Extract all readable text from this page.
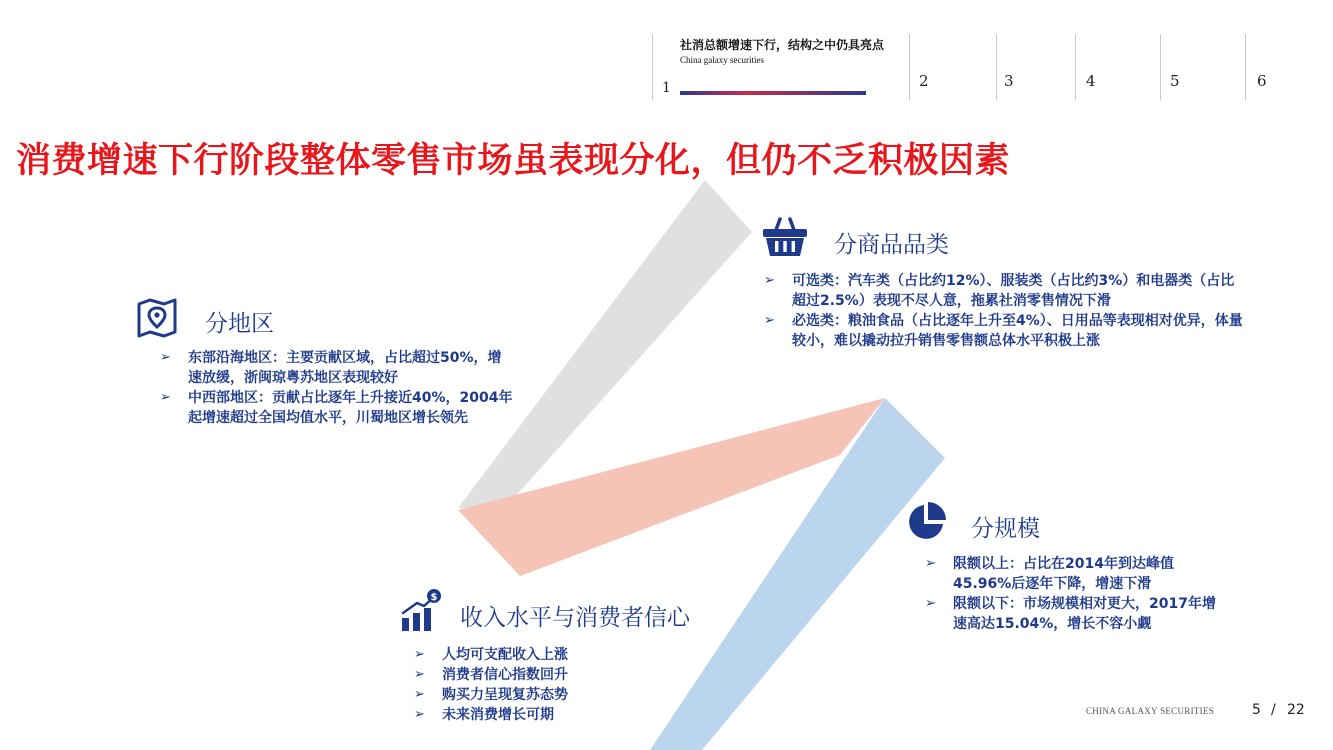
1
社消总额增速下行，结构之中仍具亮点
China galaxy securities
2	3	4	5	6
消费增速下行阶段整体零售市场虽表现分化，但仍不乏积极因素
分地区
➢	东部沿海地区：主要贡献区域，占比超过50%，增速放缓，浙闽琼粤苏地区表现较好
➢	中西部地区：贡献占比逐年上升接近40%，2004年起增速超过全国均值水平，川蜀地区增长领先
分商品品类
➢	可选类：汽车类（占比约12%）、服装类（占比约3%）和电器类（占比超过2.5%）表现不尽人意，拖累社消零售情况下滑
➢	必选类：粮油食品（占比逐年上升至4%）、日用品等表现相对优异，体量较小，难以撬动拉升销售零售额总体水平积极上涨
分规模
➢	限额以上：占比在2014年到达峰值45.96%后逐年下降，增速下滑
➢	限额以下：市场规模相对更大，2017年增速高达15.04%，增长不容小觑
$
收入水平与消费者信心
➢	人均可支配收入上涨
➢	消费者信心指数回升
➢	购买力呈现复苏态势
➢	未来消费增长可期	CHINA GALAXY SECURITIES	5 / 22
